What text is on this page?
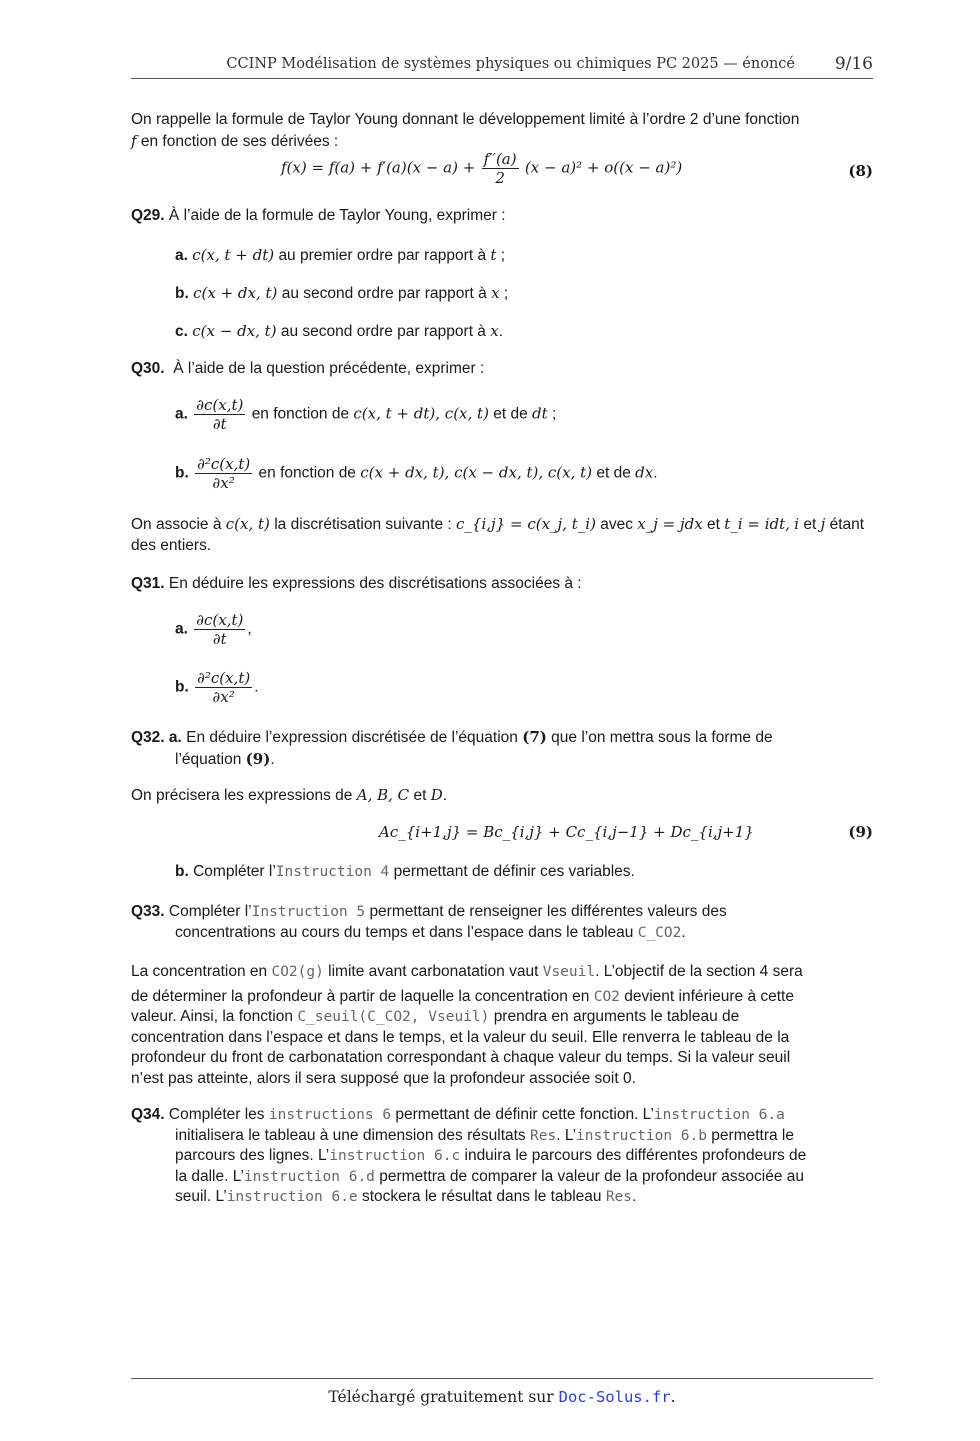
CCINP Modélisation de systèmes physiques ou chimiques PC 2025 — énoncé 9/16
On rappelle la formule de Taylor Young donnant le développement limité à l’ordre 2 d’une fonction
f en fonction de ses dérivées :
$f(x) = f(a) + f'(a)(x - a) + \frac{f''(a)}{2} (x - a)^2 + o((x - a)^2)$	(8)
Q29. À l’aide de la formule de Taylor Young, exprimer :
a. c(x, t + dt) au premier ordre par rapport à t ;
b. c(x + dx, t) au second ordre par rapport à x ;
c. c(x − dx, t) au second ordre par rapport à x.
Q30. À l’aide de la question précédente, exprimer :
a. $\frac{\partial c(x,t)}{\partial t}$ en fonction de c(x, t + dt), c(x, t) et de dt ;
b. $\frac{\text{∂²c(x,t)}}{\text{∂x²}}$ en fonction de c(x + dx, t), c(x − dx, t), c(x, t) et de dx.
On associe à c(x, t) la discrétisation suivante : c_{i,j} = c(x_j, t_i) avec x_j = jdx et t_i = idt, i et j étant
des entiers.
Q31. En déduire les expressions des discrétisations associées à :
a. $\frac{\partial c(x,t)}{\partial t}$ ,
b. $\frac{\text{∂²c(x,t)}}{\text{∂x²}}$ .
Q32. a. En déduire l’expression discrétisée de l’équation (7) que l’on mettra sous la forme de
l’équation (9).
On précisera les expressions de A, B, C et D.
Ac_{i+1,j} = Bc_{i,j} + Cc_{i,j−1} + Dc_{i,j+1}	(9)
b. Compléter l’Instruction 4 permettant de définir ces variables.
Q33. Compléter l’Instruction 5 permettant de renseigner les différentes valeurs des
concentrations au cours du temps et dans l’espace dans le tableau C_CO2.
La concentration en CO2(g) limite avant carbonatation vaut Vseuil. L’objectif de la section 4 sera
de déterminer la profondeur à partir de laquelle la concentration en CO2 devient inférieure à cette
valeur. Ainsi, la fonction C_seuil(C_CO2, Vseuil) prendra en arguments le tableau de
concentration dans l’espace et dans le temps, et la valeur du seuil. Elle renverra le tableau de la
profondeur du front de carbonatation correspondant à chaque valeur du temps. Si la valeur seuil
n’est pas atteinte, alors il sera supposé que la profondeur associée soit 0.
Q34. Compléter les instructions 6 permettant de définir cette fonction. L’instruction 6.a
initialisera le tableau à une dimension des résultats Res. L’instruction 6.b permettra le
parcours des lignes. L’instruction 6.c induira le parcours des différentes profondeurs de
la dalle. L’instruction 6.d permettra de comparer la valeur de la profondeur associée au
seuil. L’instruction 6.e stockera le résultat dans le tableau Res.
Téléchargé gratuitement sur Doc-Solus.fr.
